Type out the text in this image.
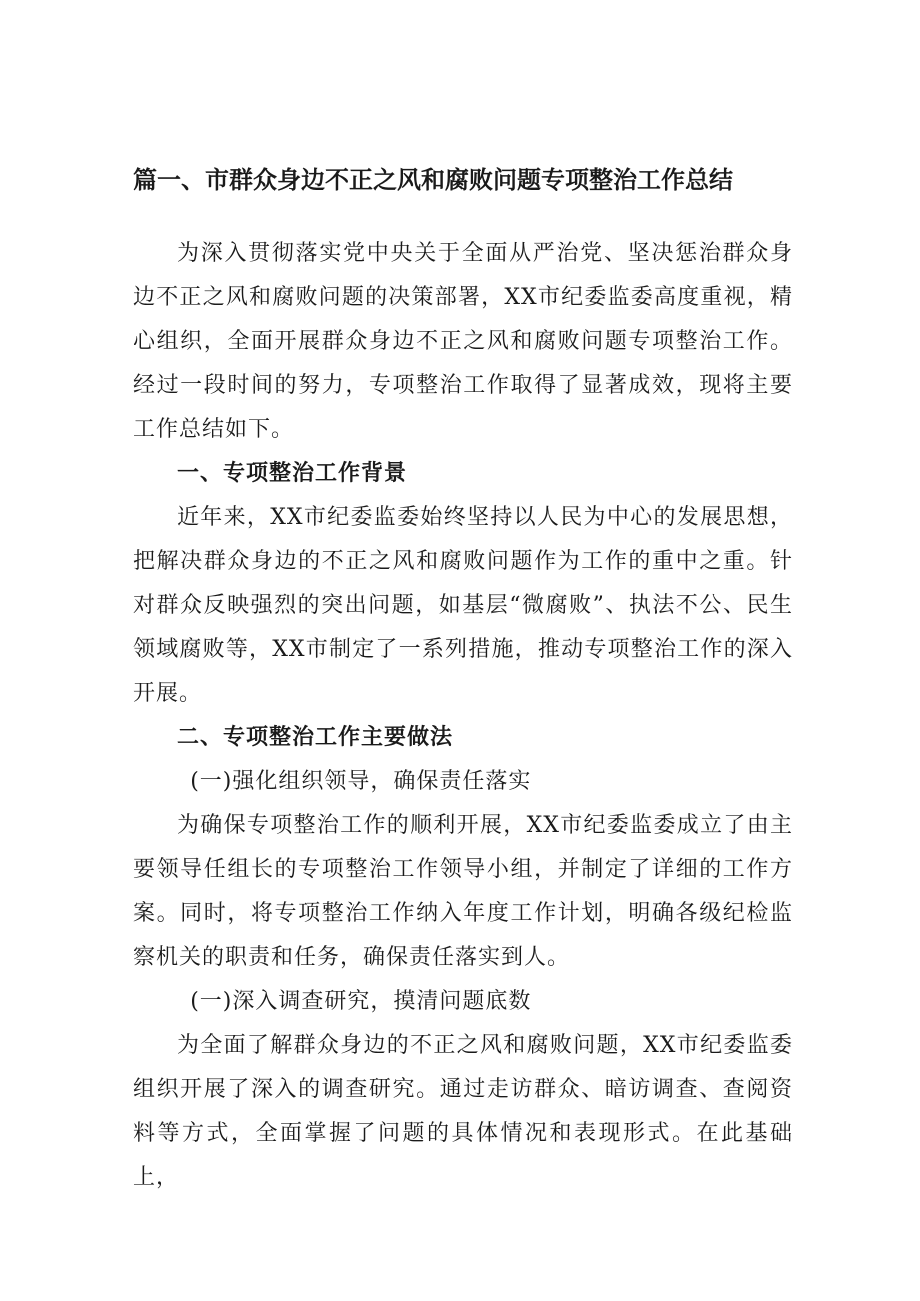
篇一、市群众身边不正之风和腐败问题专项整治工作总结

为深入贯彻落实党中央关于全面从严治党、坚决惩治群众身边不正之风和腐败问题的决策部署，XX市纪委监委高度重视，精心组织，全面开展群众身边不正之风和腐败问题专项整治工作。经过一段时间的努力，专项整治工作取得了显著成效，现将主要工作总结如下。

一、专项整治工作背景

近年来，XX市纪委监委始终坚持以人民为中心的发展思想，把解决群众身边的不正之风和腐败问题作为工作的重中之重。针对群众反映强烈的突出问题，如基层“微腐败”、执法不公、民生领域腐败等，XX市制定了一系列措施，推动专项整治工作的深入开展。

二、专项整治工作主要做法

(一)强化组织领导，确保责任落实

为确保专项整治工作的顺利开展，XX市纪委监委成立了由主要领导任组长的专项整治工作领导小组，并制定了详细的工作方案。同时，将专项整治工作纳入年度工作计划，明确各级纪检监察机关的职责和任务，确保责任落实到人。

(一)深入调查研究，摸清问题底数

为全面了解群众身边的不正之风和腐败问题，XX市纪委监委组织开展了深入的调查研究。通过走访群众、暗访调查、查阅资料等方式，全面掌握了问题的具体情况和表现形式。在此基础上，
